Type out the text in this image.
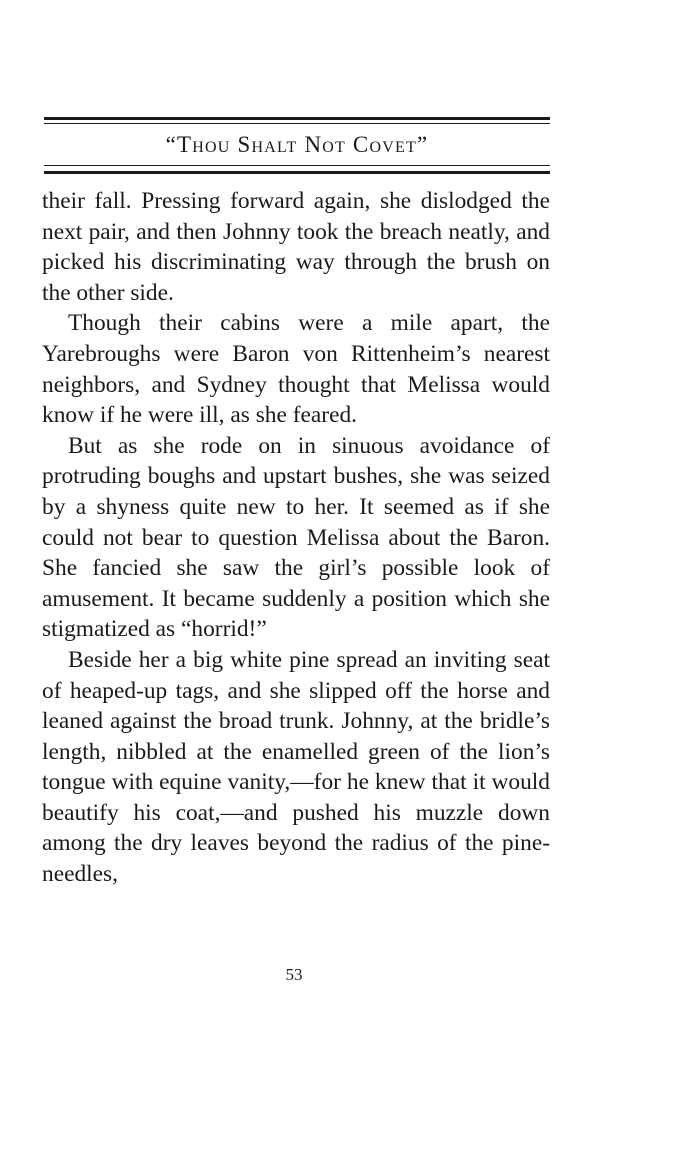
“Thou Shalt Not Covet”

their fall. Pressing forward again, she dislodged the next pair, and then Johnny took the breach neatly, and picked his discriminating way through the brush on the other side.

Though their cabins were a mile apart, the Yarebroughs were Baron von Rittenheim’s nearest neighbors, and Sydney thought that Melissa would know if he were ill, as she feared.

But as she rode on in sinuous avoidance of protruding boughs and upstart bushes, she was seized by a shyness quite new to her. It seemed as if she could not bear to question Melissa about the Baron. She fancied she saw the girl’s possible look of amusement. It became suddenly a position which she stigmatized as “horrid!”

Beside her a big white pine spread an inviting seat of heaped-up tags, and she slipped off the horse and leaned against the broad trunk. Johnny, at the bridle’s length, nibbled at the enamelled green of the lion’s tongue with equine vanity,—for he knew that it would beautify his coat,—and pushed his muzzle down among the dry leaves beyond the radius of the pine-needles,

53
